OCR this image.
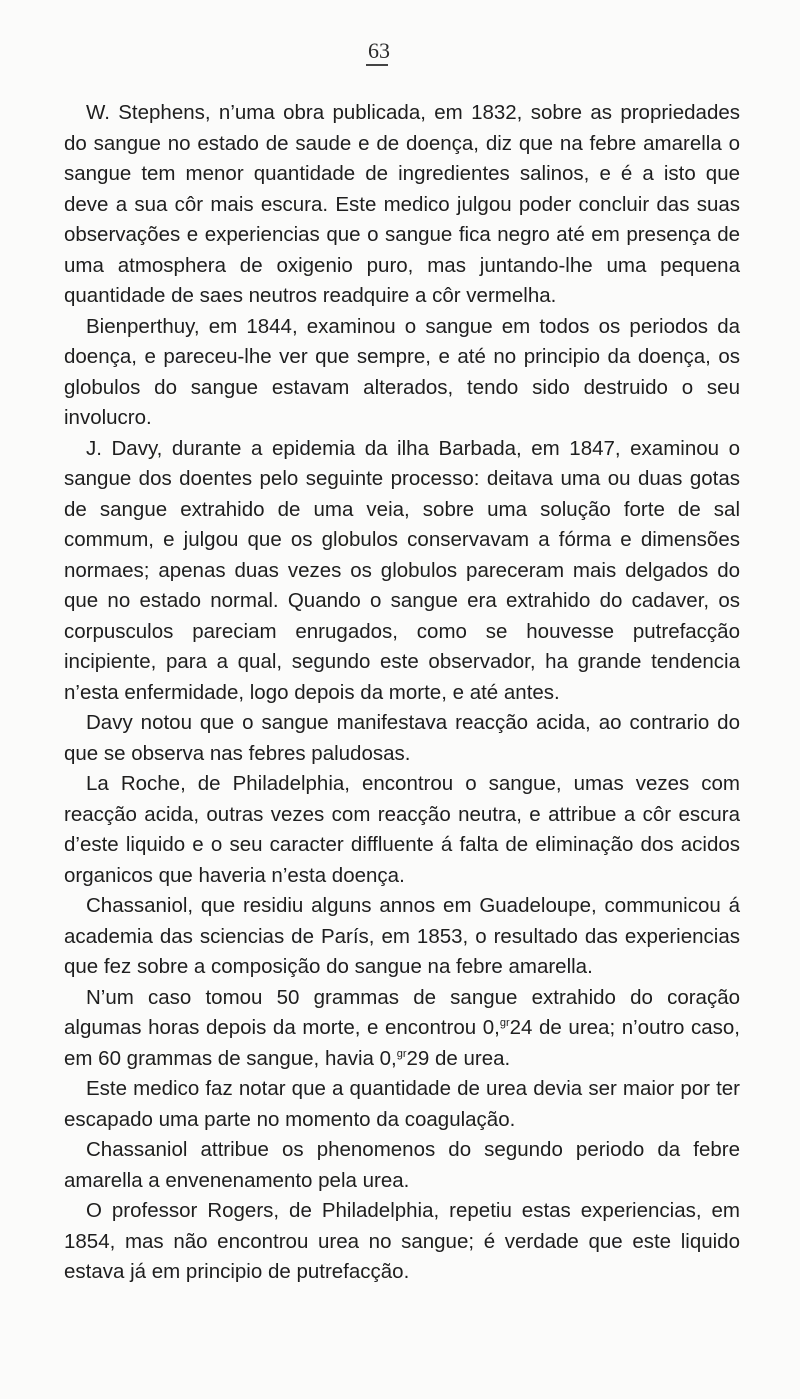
63

W. Stephens, n’uma obra publicada, em 1832, sobre as propriedades do sangue no estado de saude e de doença, diz que na febre amarella o sangue tem menor quantidade de ingredientes salinos, e é a isto que deve a sua côr mais escura. Este medico julgou poder concluir das suas observações e experiencias que o sangue fica negro até em presença de uma atmosphera de oxigenio puro, mas juntando-lhe uma pequena quantidade de saes neutros readquire a côr vermelha.

Bienperthuy, em 1844, examinou o sangue em todos os periodos da doença, e pareceu-lhe ver que sempre, e até no principio da doença, os globulos do sangue estavam alterados, tendo sido destruido o seu involucro.

J. Davy, durante a epidemia da ilha Barbada, em 1847, examinou o sangue dos doentes pelo seguinte processo: deitava uma ou duas gotas de sangue extrahido de uma veia, sobre uma solução forte de sal commum, e julgou que os globulos conservavam a fórma e dimensões normaes; apenas duas vezes os globulos pareceram mais delgados do que no estado normal. Quando o sangue era extrahido do cadaver, os corpusculos pareciam enrugados, como se houvesse putrefacção incipiente, para a qual, segundo este observador, ha grande tendencia n’esta enfermidade, logo depois da morte, e até antes.

Davy notou que o sangue manifestava reacção acida, ao contrario do que se observa nas febres paludosas.

La Roche, de Philadelphia, encontrou o sangue, umas vezes com reacção acida, outras vezes com reacção neutra, e attribue a côr escura d’este liquido e o seu caracter diffluente á falta de eliminação dos acidos organicos que haveria n’esta doença.

Chassaniol, que residiu alguns annos em Guadeloupe, communicou á academia das sciencias de París, em 1853, o resultado das experiencias que fez sobre a composição do sangue na febre amarella.

N’um caso tomou 50 grammas de sangue extrahido do coração algumas horas depois da morte, e encontrou 0,$^{gr}$24 de urea; n’outro caso, em 60 grammas de sangue, havia 0,$^{gr}$29 de urea.

Este medico faz notar que a quantidade de urea devia ser maior por ter escapado uma parte no momento da coagulação.

Chassaniol attribue os phenomenos do segundo periodo da febre amarella a envenenamento pela urea.

O professor Rogers, de Philadelphia, repetiu estas experiencias, em 1854, mas não encontrou urea no sangue; é verdade que este liquido estava já em principio de putrefacção.
